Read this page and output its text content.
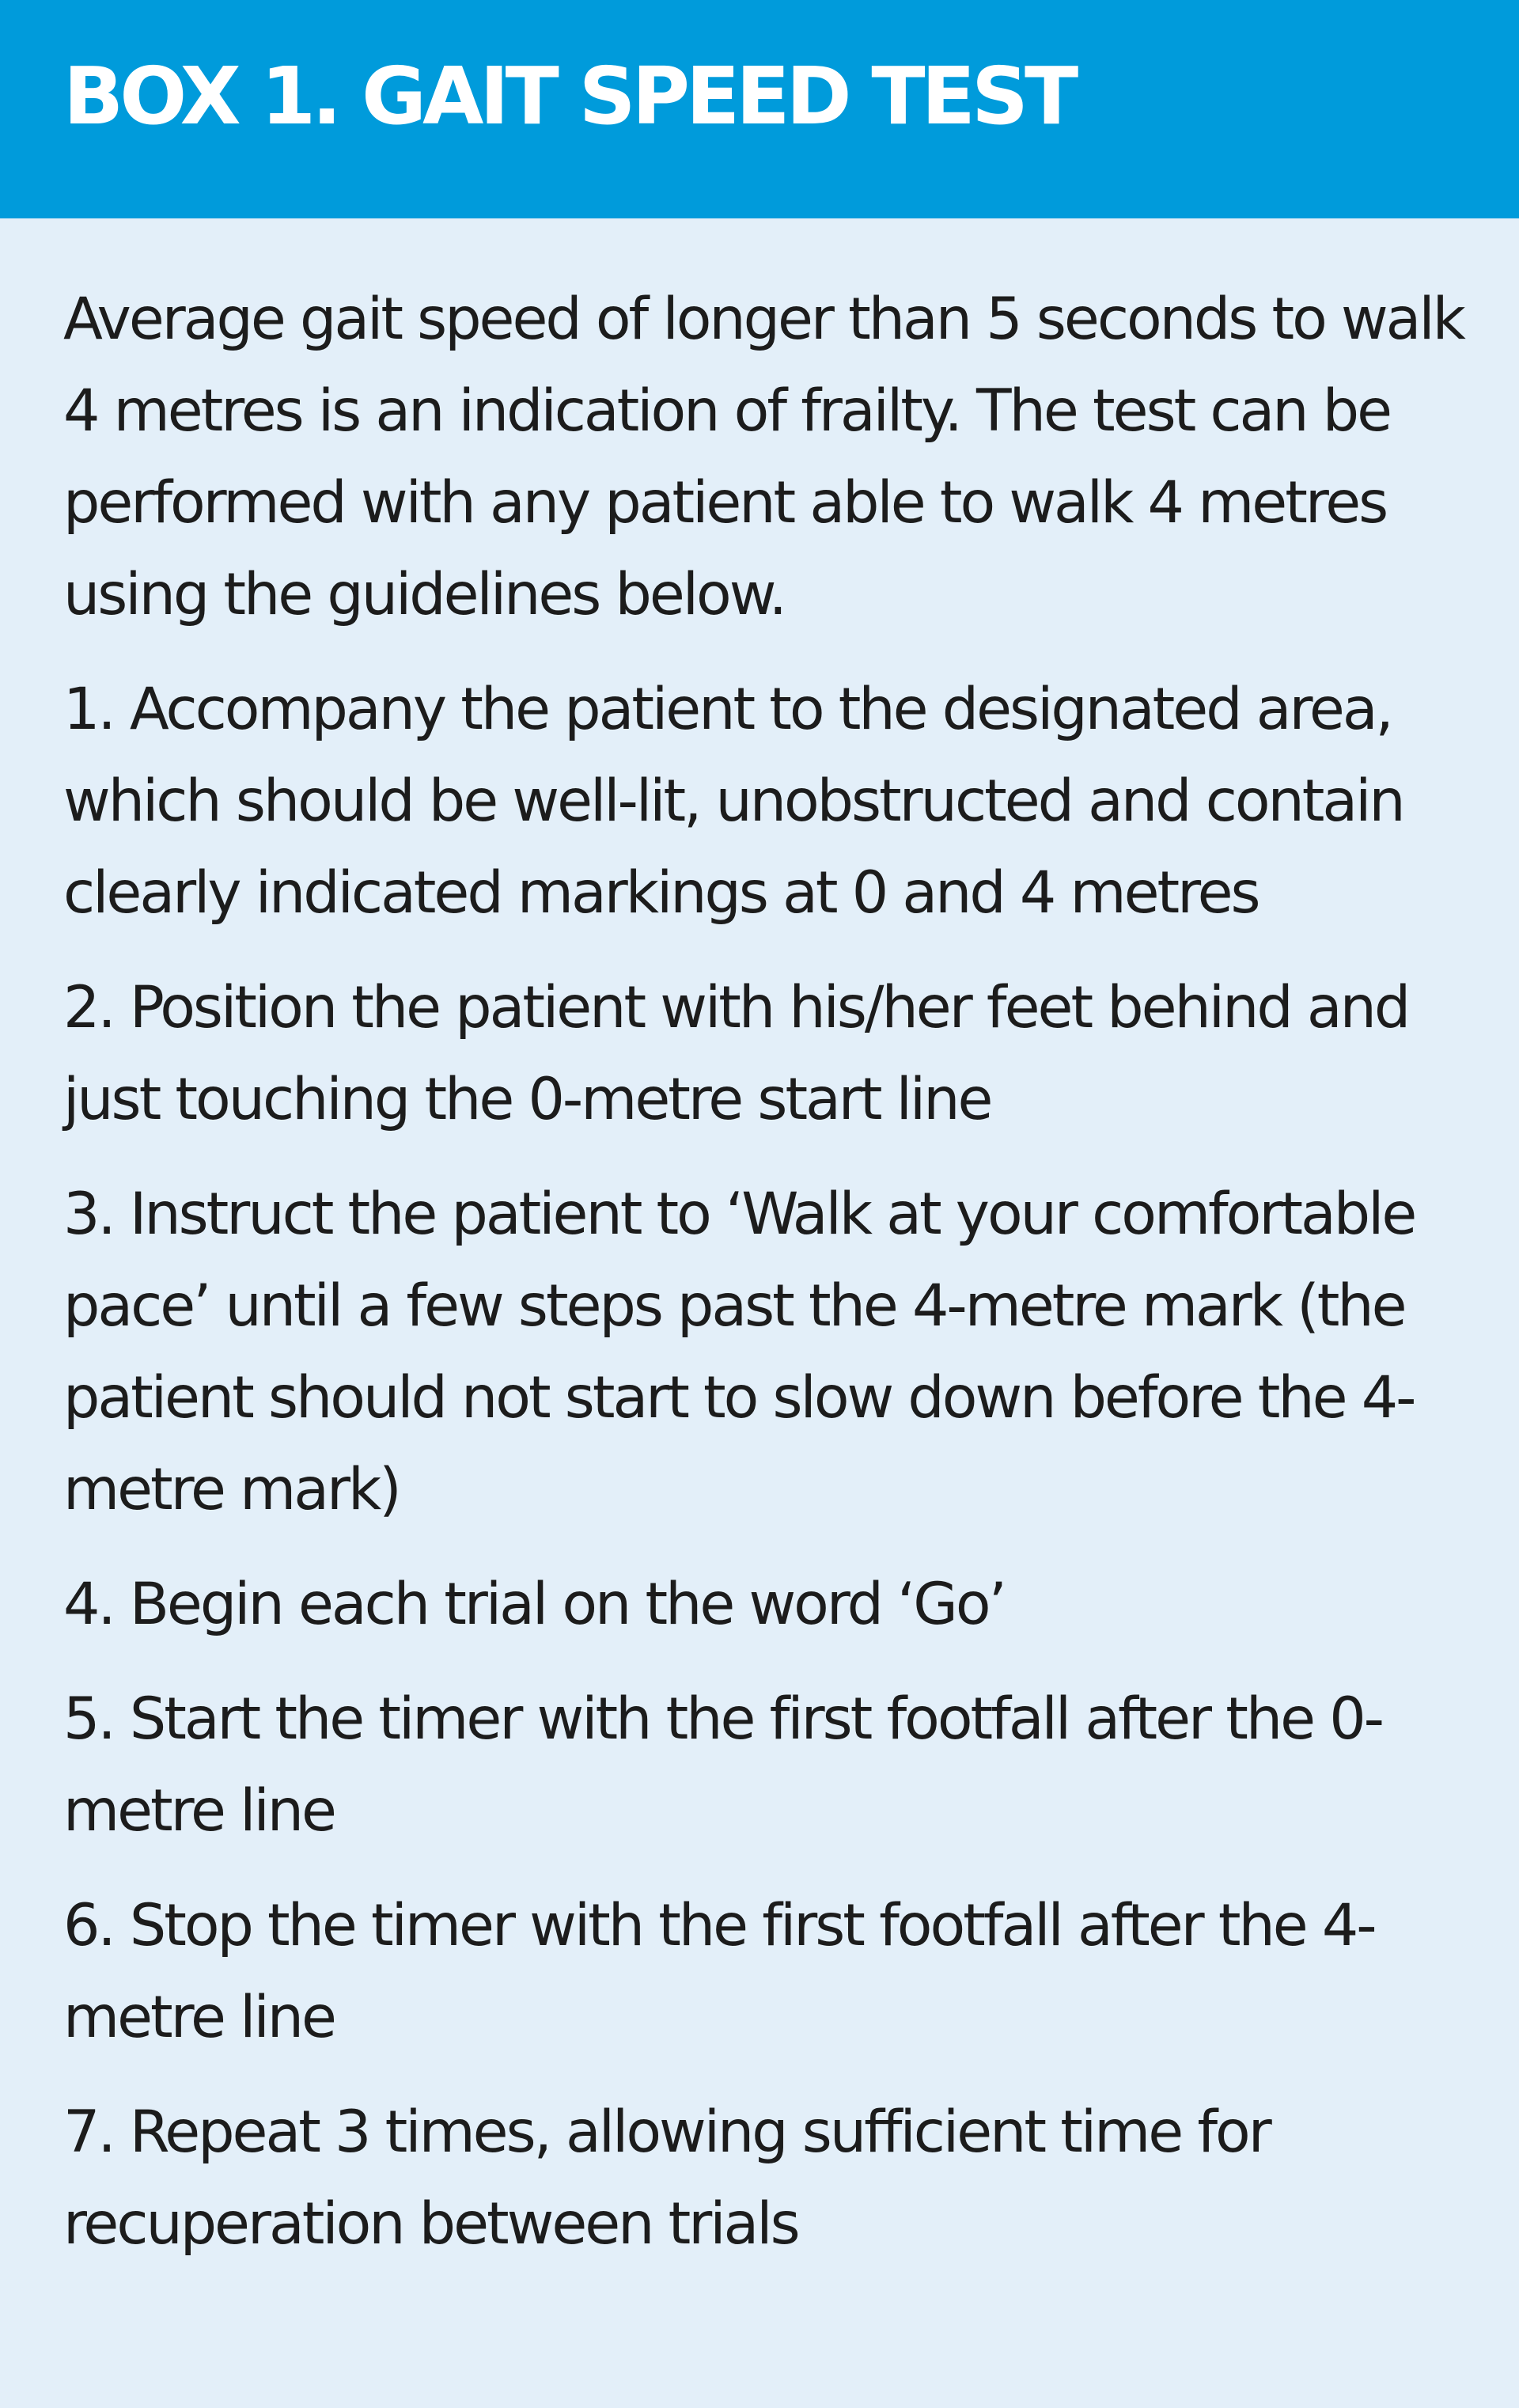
BOX 1. GAIT SPEED TEST

Average gait speed of longer than 5 seconds to walk 4 metres is an indication of frailty. The test can be performed with any patient able to walk 4 metres using the guidelines below.

1. Accompany the patient to the designated area, which should be well-lit, unobstructed and contain clearly indicated markings at 0 and 4 metres
2. Position the patient with his/her feet behind and just touching the 0-metre start line
3. Instruct the patient to ‘Walk at your comfortable pace’ until a few steps past the 4-metre mark (the patient should not start to slow down before the 4-metre mark)
4. Begin each trial on the word ‘Go’
5. Start the timer with the first footfall after the 0-metre line
6. Stop the timer with the first footfall after the 4-metre line
7. Repeat 3 times, allowing sufficient time for recuperation between trials
